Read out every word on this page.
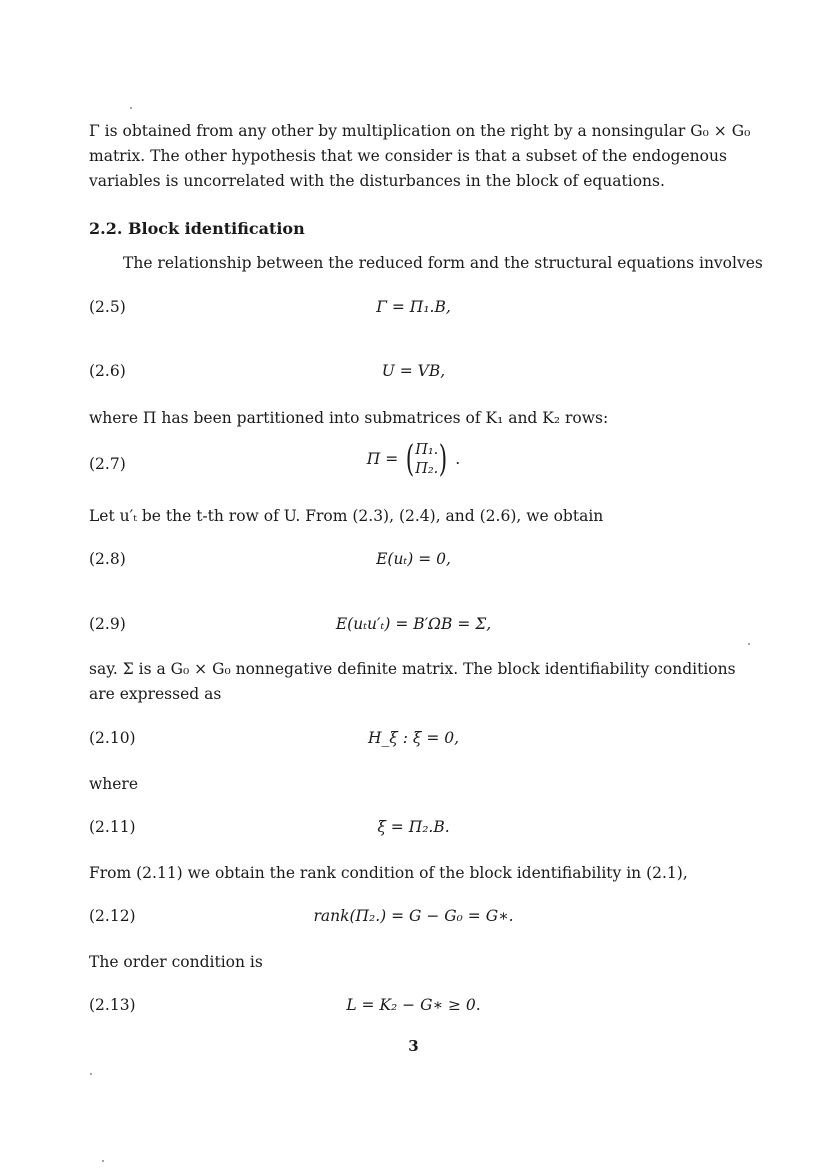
Γ is obtained from any other by multiplication on the right by a nonsingular G₀ × G₀ matrix. The other hypothesis that we consider is that a subset of the endogenous variables is uncorrelated with the disturbances in the block of equations.
2.2. Block identification
The relationship between the reduced form and the structural equations involves
(2.5)	Γ = Π₁.B,
(2.6)	U = VB,
where Π has been partitioned into submatrices of K₁ and K₂ rows:
(2.7)	Π = ( Π₁.
Π₂. ) .
Let u′ₜ be the t-th row of U. From (2.3), (2.4), and (2.6), we obtain
(2.8)	E(uₜ) = 0,
(2.9)	E(uₜu′ₜ) = B′ΩB = Σ,
say. Σ is a G₀ × G₀ nonnegative definite matrix. The block identifiability conditions are expressed as
(2.10)	H_ξ : ξ = 0,
where
(2.11)	ξ = Π₂.B.
From (2.11) we obtain the rank condition of the block identifiability in (2.1),
(2.12)	rank(Π₂.) = G − G₀ = G∗.
The order condition is
(2.13)	L = K₂ − G∗ ≥ 0.
3
